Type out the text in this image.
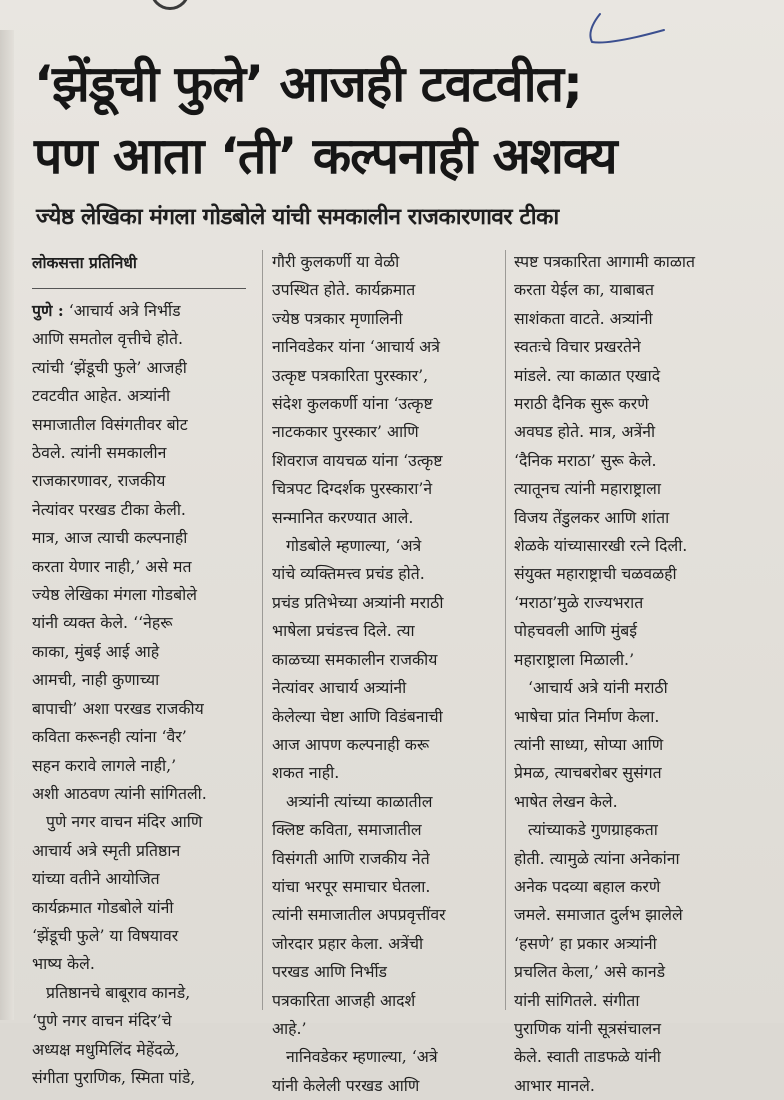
‘झेंडूची फुले’ आजही टवटवीत;
पण आता ‘ती’ कल्पनाही अशक्य
ज्येष्ठ लेखिका मंगला गोडबोले यांची समकालीन राजकारणावर टीका
लोकसत्ता प्रतिनिधी

पुणे : ‘आचार्य अत्रे निर्भीड

आणि समतोल वृत्तीचे होते.

त्यांची ‘झेंडूची फुले’ आजही

टवटवीत आहेत. अत्र्यांनी

समाजातील विसंगतीवर बोट

ठेवले. त्यांनी समकालीन

राजकारणावर, राजकीय

नेत्यांवर परखड टीका केली.

मात्र, आज त्याची कल्पनाही

करता येणार नाही,’ असे मत

ज्येष्ठ लेखिका मंगला गोडबोले

यांनी व्यक्त केले. ‘‘नेहरू

काका, मुंबई आई आहे

आमची, नाही कुणाच्या

बापाची’ अशा परखड राजकीय

कविता करूनही त्यांना ‘वैर’

सहन करावे लागले नाही,’

अशी आठवण त्यांनी सांगितली.

पुणे नगर वाचन मंदिर आणि

आचार्य अत्रे स्मृती प्रतिष्ठान

यांच्या वतीने आयोजित

कार्यक्रमात गोडबोले यांनी

‘झेंडूची फुले’ या विषयावर

भाष्य केले.

प्रतिष्ठानचे बाबूराव कानडे,

‘पुणे नगर वाचन मंदिर’चे

अध्यक्ष मधुमिलिंद मेहेंदळे,

संगीता पुराणिक, स्मिता पांडे,

गौरी कुलकर्णी या वेळी

उपस्थित होते. कार्यक्रमात

ज्येष्ठ पत्रकार मृणालिनी

नानिवडेकर यांना ‘आचार्य अत्रे

उत्कृष्ट पत्रकारिता पुरस्कार’,

संदेश कुलकर्णी यांना ‘उत्कृष्ट

नाटककार पुरस्कार’ आणि

शिवराज वायचळ यांना ‘उत्कृष्ट

चित्रपट दिग्दर्शक पुरस्कारा’ने

सन्मानित करण्यात आले.

गोडबोले म्हणाल्या, ‘अत्रे

यांचे व्यक्तिमत्त्व प्रचंड होते.

प्रचंड प्रतिभेच्या अत्र्यांनी मराठी

भाषेला प्रचंडत्त्व दिले. त्या

काळच्या समकालीन राजकीय

नेत्यांवर आचार्य अत्र्यांनी

केलेल्या चेष्टा आणि विडंबनाची

आज आपण कल्पनाही करू

शकत नाही.

अत्र्यांनी त्यांच्या काळातील

क्लिष्ट कविता, समाजातील

विसंगती आणि राजकीय नेते

यांचा भरपूर समाचार घेतला.

त्यांनी समाजातील अपप्रवृत्तींवर

जोरदार प्रहार केला. अत्रेंची

परखड आणि निर्भीड

पत्रकारिता आजही आदर्श

आहे.’

नानिवडेकर म्हणाल्या, ‘अत्रे

यांनी केलेली परखड आणि

स्पष्ट पत्रकारिता आगामी काळात

करता येईल का, याबाबत

साशंकता वाटते. अत्र्यांनी

स्वतःचे विचार प्रखरतेने

मांडले. त्या काळात एखादे

मराठी दैनिक सुरू करणे

अवघड होते. मात्र, अत्रेंनी

‘दैनिक मराठा’ सुरू केले.

त्यातूनच त्यांनी महाराष्ट्राला

विजय तेंडुलकर आणि शांता

शेळके यांच्यासारखी रत्ने दिली.

संयुक्त महाराष्ट्राची चळवळही

‘मराठा’मुळे राज्यभरात

पोहचवली आणि मुंबई

महाराष्ट्राला मिळाली.’

‘आचार्य अत्रे यांनी मराठी

भाषेचा प्रांत निर्माण केला.

त्यांनी साध्या, सोप्या आणि

प्रेमळ, त्याचबरोबर सुसंगत

भाषेत लेखन केले.

त्यांच्याकडे गुणग्राहकता

होती. त्यामुळे त्यांना अनेकांना

अनेक पदव्या बहाल करणे

जमले. समाजात दुर्लभ झालेले

‘हसणे’ हा प्रकार अत्र्यांनी

प्रचलित केला,’ असे कानडे

यांनी सांगितले. संगीता

पुराणिक यांनी सूत्रसंचालन

केले. स्वाती ताडफळे यांनी

आभार मानले.
